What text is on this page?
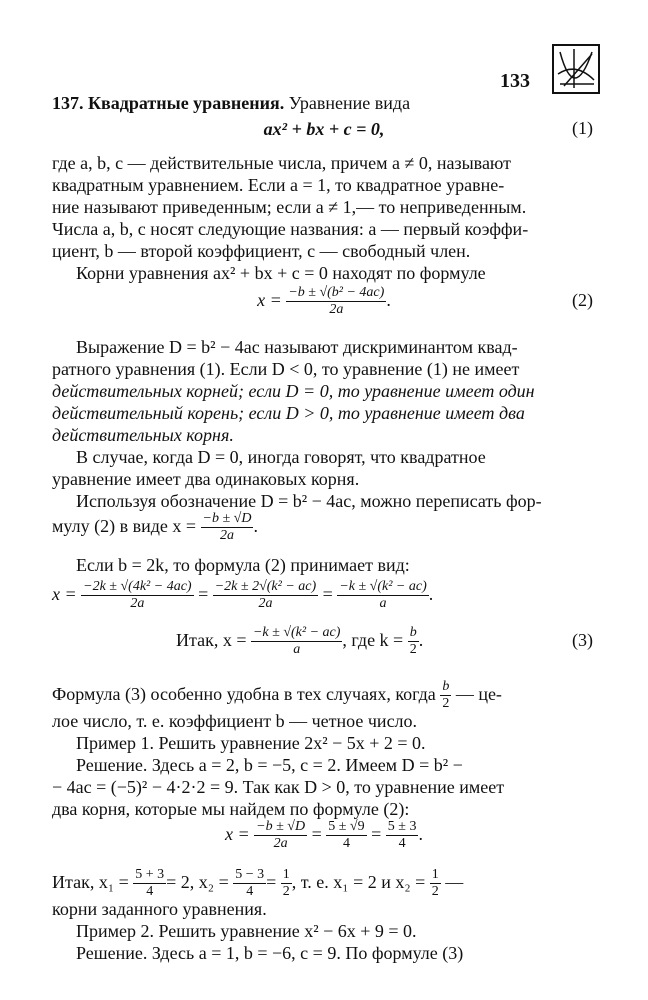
133
137. Квадратные уравнения. Уравнение вида
ax² + bx + c = 0,	(1)
где a, b, c — действительные числа, причем a ≠ 0, называют
квадратным уравнением. Если a = 1, то квадратное уравне-
ние называют приведенным; если a ≠ 1,— то неприведенным.
Числа a, b, c носят следующие названия: a — первый коэффи-
циент, b — второй коэффициент, c — свободный член.
Корни уравнения ax² + bx + c = 0 находят по формуле
$x = \frac{\text{−b ± √(b² − 4ac)}}{2a}$ .	(2)
Выражение D = b² − 4ac называют дискриминантом квад-
ратного уравнения (1). Если D < 0, то уравнение (1) не имеет
действительных корней; если D = 0, то уравнение имеет один
действительный корень; если D > 0, то уравнение имеет два
действительных корня.
В случае, когда D = 0, иногда говорят, что квадратное
уравнение имеет два одинаковых корня.
Используя обозначение D = b² − 4ac, можно переписать фор-
мулу (2) в виде $x = \frac{-b \pm √D}{2a}$ .
Если b = 2k, то формула (2) принимает вид:
$x = \frac{\text{−2k ± √(4k² − 4ac)}}{2a} = \frac{\text{−2k ± 2√(k² − ac)}}{2a} = \frac{\text{−k ± √(k² − ac)}}{a}$ .
Итак, $x = \frac{\text{−k ± √(k² − ac)}}{a}$ , где $k = \frac{b}{2}$ .	(3)
Формула (3) особенно удобна в тех случаях, когда $\frac{b}{2}$ — це-
лое число, т. е. коэффициент b — четное число.
Пример 1. Решить уравнение 2x² − 5x + 2 = 0.
Решение. Здесь a = 2, b = −5, c = 2. Имеем D = b² −
− 4ac = (−5)² − 4·2·2 = 9. Так как D > 0, то уравнение имеет
два корня, которые мы найдем по формуле (2):
$x = \frac{-b \pm √D}{2a} = \frac{5 \pm √9}{4} = \frac{5 \pm 3}{4}$ .
Итак, $x_1 = \frac{5 + 3}{4} = 2$, $x_2 = \frac{5 - 3}{4} = \frac{1}{2}$ , т. е. x₁ = 2 и $x_2 = \frac{1}{2}$ —
корни заданного уравнения.
Пример 2. Решить уравнение x² − 6x + 9 = 0.
Решение. Здесь a = 1, b = −6, c = 9. По формуле (3)
